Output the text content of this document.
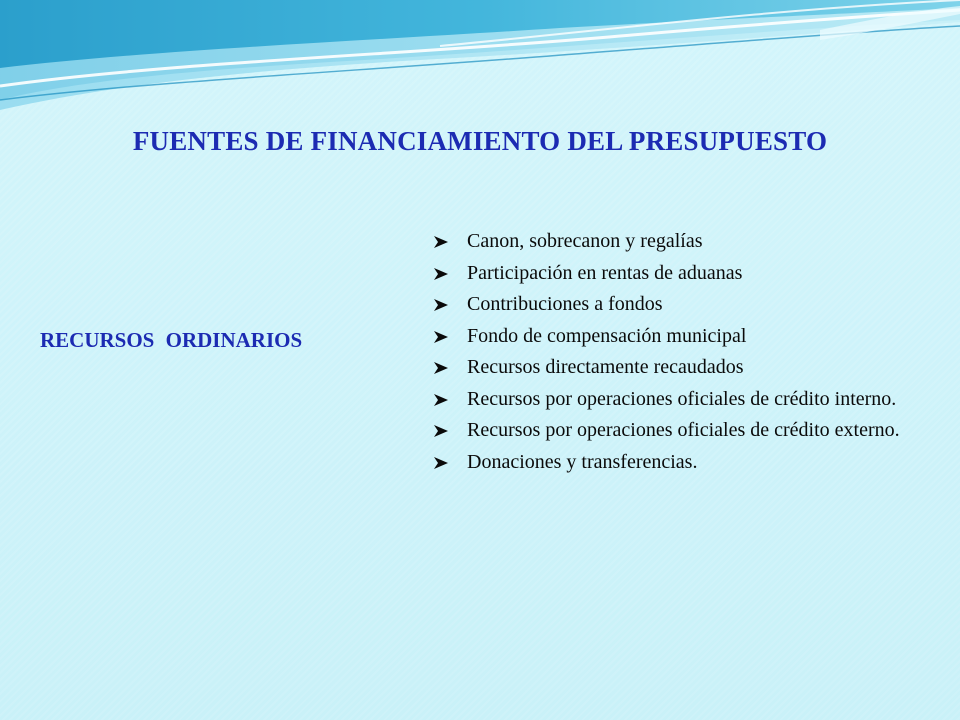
FUENTES DE FINANCIAMIENTO DEL PRESUPUESTO

RECURSOS ORDINARIOS

Canon, sobrecanon y regalías
Participación en rentas de aduanas
Contribuciones a fondos
Fondo de compensación municipal
Recursos directamente recaudados
Recursos por operaciones oficiales de crédito interno.
Recursos por operaciones oficiales de crédito externo.
Donaciones y transferencias.
